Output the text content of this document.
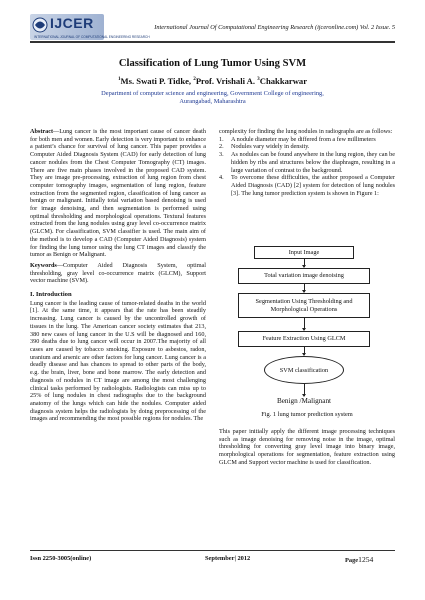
IJCER
INTERNATIONAL JOURNAL OF COMPUTATIONAL ENGINEERING RESEARCH
International Journal Of Computational Engineering Research (ijceronline.com) Vol. 2 Issue. 5
Classification of Lung Tumor Using SVM
$^1$Ms. Swati P. Tidke, $^2$Prof. Vrishali A. $^3$Chakkarwar
Department of computer science and engineering, Government College of engineering,
Aurangabad, Maharashtra

Abstract—Lung cancer is the most important cause of cancer death for both men and women. Early detection is very important to enhance a patient’s chance for survival of lung cancer. This paper provides a Computer Aided Diagnosis System (CAD) for early detection of lung cancer nodules from the Chest Computer Tomography (CT) images. There are five main phases involved in the proposed CAD system. They are image pre-processing, extraction of lung region from chest computer tomography images, segmentation of lung region, feature extraction from the segmented region, classification of lung cancer as benign or malignant. Initially total variation based denoising is used for image denoising, and then segmentation is performed using optimal thresholding and morphological operations. Textural features extracted from the lung nodules using gray level co-occurrence matrix (GLCM). For classification, SVM classifier is used. The main aim of the method is to develop a CAD (Computer Aided Diagnosis) system for finding the lung tumor using the lung CT images and classify the tumor as Benign or Malignant.

Keywords—Computer Aided Diagnosis System, optimal thresholding, gray level co-occurrence matrix (GLCM), Support vector machine (SVM).

I. Introduction

Lung cancer is the leading cause of tumor-related deaths in the world [1]. At the same time, it appears that the rate has been steadily increasing. Lung cancer is caused by the uncontrolled growth of tissues in the lung. The American cancer society estimates that 213, 380 new cases of lung cancer in the U.S will be diagnosed and 160, 390 deaths due to lung cancer will occur in 2007.The majority of all cases are caused by tobacco smoking. Exposure to asbestos, radon, uranium and arsenic are other factors for lung cancer. Lung cancer is a deadly disease and has chances to spread to other parts of the body, e.g. the brain, liver, bone and bone marrow. The early detection and diagnosis of nodules in CT image are among the most challenging clinical tasks performed by radiologists. Radiologists can miss up to 25% of lung nodules in chest radiographs due to the background anatomy of the lungs which can hide the nodules. Computer aided diagnosis system helps the radiologists by doing preprocessing of the images and recommending the most possible regions for nodules. The

complexity for finding the lung nodules in radiographs are as follows:

1. A nodule diameter may be differed from a few millimeters
2. Nodules vary widely in density.
3. As nodules can be found anywhere in the lung region, they can be hidden by ribs and structures below the diaphragm, resulting in a large variation of contrast to the background.
4. To overcome these difficulties, the author proposed a Computer Aided Diagnosis (CAD) [2] system for detection of lung nodules [3]. The lung tumor prediction system is shown in Figure 1:
Input Image
Total variation image denoising
Segmentation Using Thresholding and Morphological Operations
Feature Extraction Using GLCM
SVM classification
Benign /Malignant
Fig. 1 lung tumor prediction system

This paper initially apply the different image processing techniques such as image denoising for removing noise in the image, optimal thresholding for converting gray level image into binary image, morphological operations for segmentation, feature extraction using GLCM and Support vector machine is used for classification.

Issn 2250-3005(online)	September| 2012	Page1254
